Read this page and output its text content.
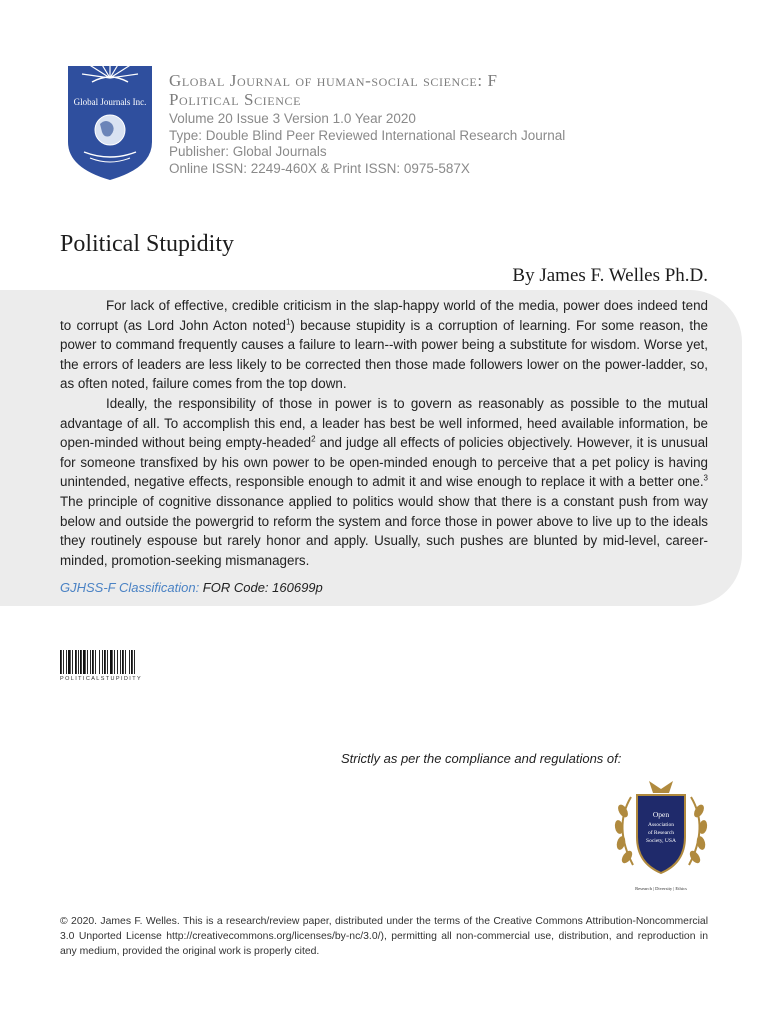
Global Journals Inc.
Global Journal of human-social science: F
Political Science
Volume 20 Issue 3 Version 1.0 Year 2020
Type: Double Blind Peer Reviewed International Research Journal
Publisher: Global Journals
Online ISSN: 2249-460X & Print ISSN: 0975-587X
Political Stupidity
By James F. Welles Ph.D.

For lack of effective, credible criticism in the slap-happy world of the media, power does indeed tend to corrupt (as Lord John Acton noted$^1$) because stupidity is a corruption of learning. For some reason, the power to command frequently causes a failure to learn--with power being a substitute for wisdom. Worse yet, the errors of leaders are less likely to be corrected then those made followers lower on the power-ladder, so, as often noted, failure comes from the top down.

Ideally, the responsibility of those in power is to govern as reasonably as possible to the mutual advantage of all. To accomplish this end, a leader has best be well informed, heed available information, be open-minded without being empty-headed$^2$ and judge all effects of policies objectively. However, it is unusual for someone transfixed by his own power to be open-minded enough to perceive that a pet policy is having unintended, negative effects, responsible enough to admit it and wise enough to replace it with a better one.$^3$ The principle of cognitive dissonance applied to politics would show that there is a constant push from way below and outside the powergrid to reform the system and force those in power above to live up to the ideals they routinely espouse but rarely honor and apply. Usually, such pushes are blunted by mid-level, career-minded, promotion-seeking mismanagers.

GJHSS-F Classification: FOR Code: 160699p
POLITICALSTUPIDITY
Strictly as per the compliance and regulations of:
Open
Association
of Research
Society, USA
Research | Diversity | Ethics
© 2020. James F. Welles. This is a research/review paper, distributed under the terms of the Creative Commons Attribution-Noncommercial 3.0 Unported License http://creativecommons.org/licenses/by-nc/3.0/), permitting all non-commercial use, distribution, and reproduction in any medium, provided the original work is properly cited.
